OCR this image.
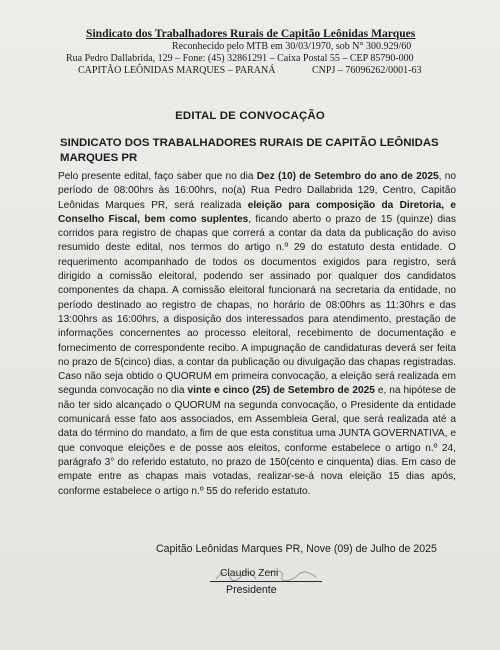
Sindicato dos Trabalhadores Rurais de Capitão Leônidas Marques
Reconhecido pelo MTB em 30/03/1970, sob N° 300.929/60
Rua Pedro Dallabrida, 129 – Fone: (45) 32861291 – Caixa Postal 55 – CEP 85790-000
CAPITÃO LEÔNIDAS MARQUES – PARANÁ	CNPJ – 76096262/0001-63
EDITAL DE CONVOCAÇÃO
SINDICATO DOS TRABALHADORES RURAIS DE CAPITÃO LEÔNIDAS MARQUES PR

Pelo presente edital, faço saber que no dia Dez (10) de Setembro do ano de 2025, no período de 08:00hrs às 16:00hrs, no(a) Rua Pedro Dallabrida 129, Centro, Capitão Leônidas Marques PR, será realizada eleição para composição da Diretoria, e Conselho Fiscal, bem como suplentes, ficando aberto o prazo de 15 (quinze) dias corridos para registro de chapas que correrá a contar da data da publicação do aviso resumido deste edital, nos termos do artigo n.º 29 do estatuto desta entidade. O requerimento acompanhado de todos os documentos exigidos para registro, será dirigido a comissão eleitoral, podendo ser assinado por qualquer dos candidatos componentes da chapa. A comissão eleitoral funcionará na secretaria da entidade, no período destinado ao registro de chapas, no horário de 08:00hrs as 11:30hrs e das 13:00hrs as 16:00hrs, a disposição dos interessados para atendimento, prestação de informações concernentes ao processo eleitoral, recebimento de documentação e fornecimento de correspondente recibo. A impugnação de candidaturas deverá ser feita no prazo de 5(cinco) dias, a contar da publicação ou divulgação das chapas registradas. Caso não seja obtido o QUORUM em primeira convocação, a eleição será realizada em segunda convocação no dia vinte e cinco (25) de Setembro de 2025 e, na hipótese de não ter sido alcançado o QUORUM na segunda convocação, o Presidente da entidade comunicará esse fato aos associados, em Assembleia Geral, que será realizada até a data do término do mandato, a fim de que esta constitua uma JUNTA GOVERNATIVA, e que convoque eleições e de posse aos eleitos, conforme estabelece o artigo n.º 24, parágrafo 3° do referido estatuto, no prazo de 150(cento e cinquenta) dias. Em caso de empate entre as chapas mais votadas, realizar-se-á nova eleição 15 dias após, conforme estabelece o artigo n.º 55 do referido estatuto.

Capitão Leônidas Marques PR, Nove (09) de Julho de 2025
Claudio Zeni
Presidente
